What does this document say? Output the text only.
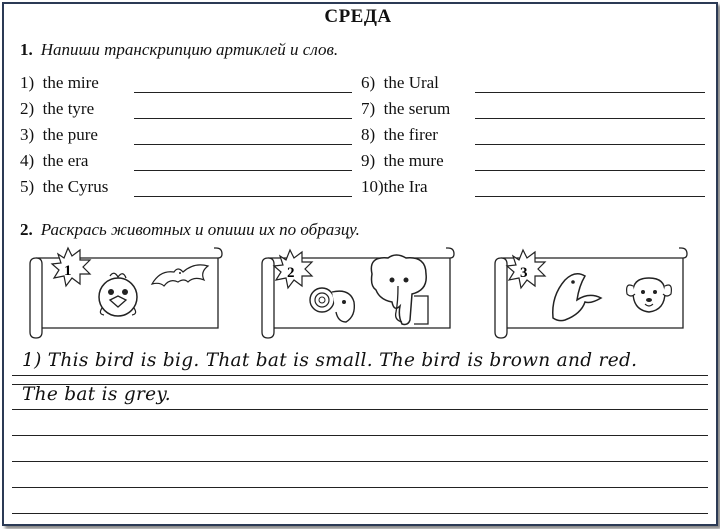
СРЕДА
1. Напиши транскрипцию артиклей и слов.
1) the mire
2) the tyre
3) the pure
4) the era
5) the Cyrus
6) the Ural
7) the serum
8) the firer
9) the mure
10)the Ira
2. Раскрась животных и опиши их по образцу.
1	2	3
1) This bird is big. That bat is small. The bird is brown and red.
The bat is grey.
